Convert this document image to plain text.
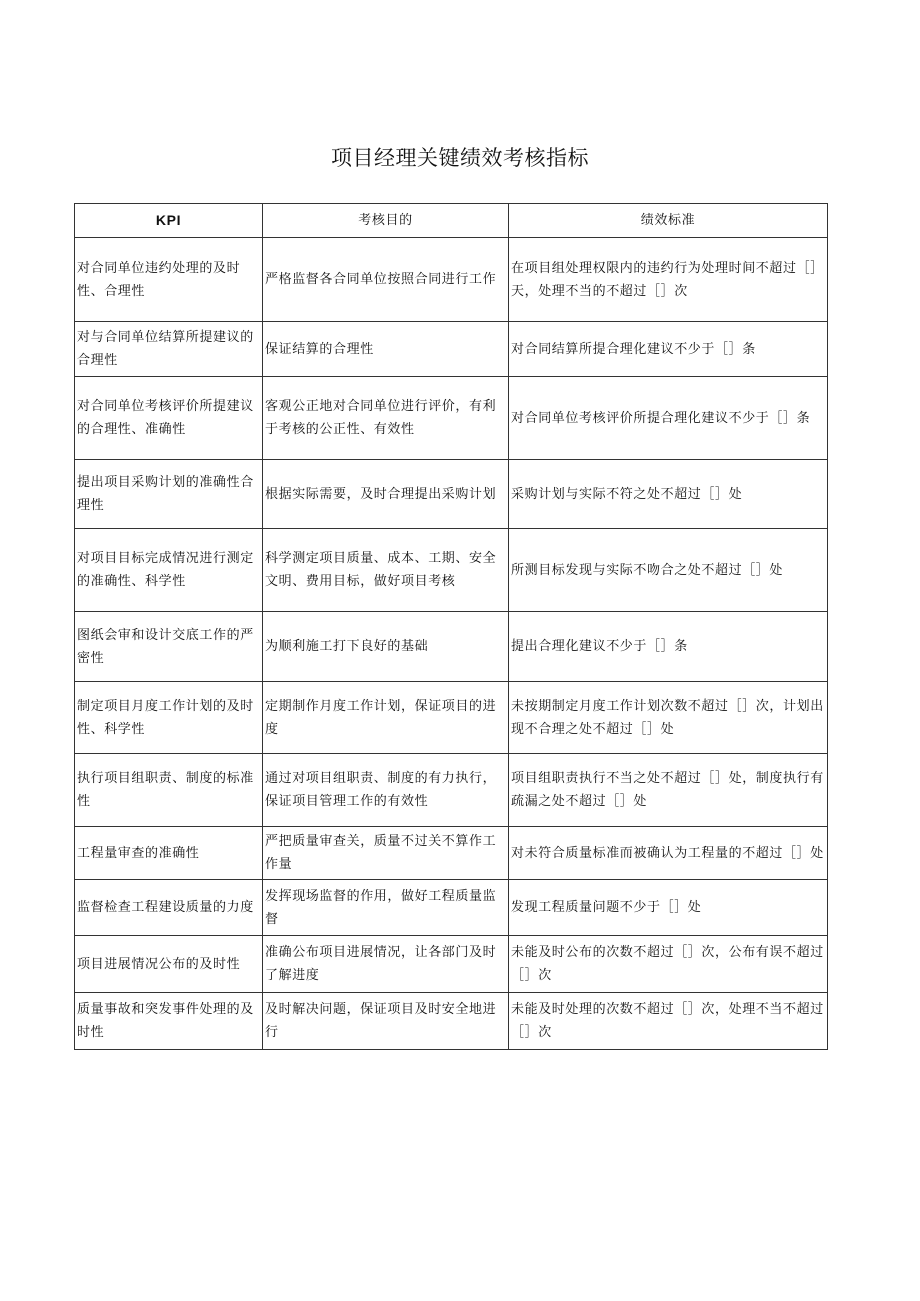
项目经理关键绩效考核指标
KPI	考核目的	绩效标准
对合同单位违约处理的及时性、合理性	严格监督各合同单位按照合同进行工作	在项目组处理权限内的违约行为处理时间不超过［］天，处理不当的不超过［］次
对与合同单位结算所提建议的合理性	保证结算的合理性	对合同结算所提合理化建议不少于［］条
对合同单位考核评价所提建议的合理性、准确性	客观公正地对合同单位进行评价，有利于考核的公正性、有效性	对合同单位考核评价所提合理化建议不少于［］条
提出项目采购计划的准确性合理性	根据实际需要，及时合理提出采购计划	采购计划与实际不符之处不超过［］处
对项目目标完成情况进行测定的准确性、科学性	科学测定项目质量、成本、工期、安全文明、费用目标，做好项目考核	所测目标发现与实际不吻合之处不超过［］处
图纸会审和设计交底工作的严密性	为顺利施工打下良好的基础	提出合理化建议不少于［］条
制定项目月度工作计划的及时性、科学性	定期制作月度工作计划，保证项目的进度	未按期制定月度工作计划次数不超过［］次，计划出现不合理之处不超过［］处
执行项目组职责、制度的标准性	通过对项目组职责、制度的有力执行，保证项目管理工作的有效性	项目组职责执行不当之处不超过［］处，制度执行有疏漏之处不超过［］处
工程量审查的准确性	严把质量审查关，质量不过关不算作工作量	对未符合质量标准而被确认为工程量的不超过［］处
监督检查工程建设质量的力度	发挥现场监督的作用，做好工程质量监督	发现工程质量问题不少于［］处
项目进展情况公布的及时性	准确公布项目进展情况，让各部门及时了解进度	未能及时公布的次数不超过［］次，公布有误不超过［］次
质量事故和突发事件处理的及时性	及时解决问题，保证项目及时安全地进行	未能及时处理的次数不超过［］次，处理不当不超过［］次
